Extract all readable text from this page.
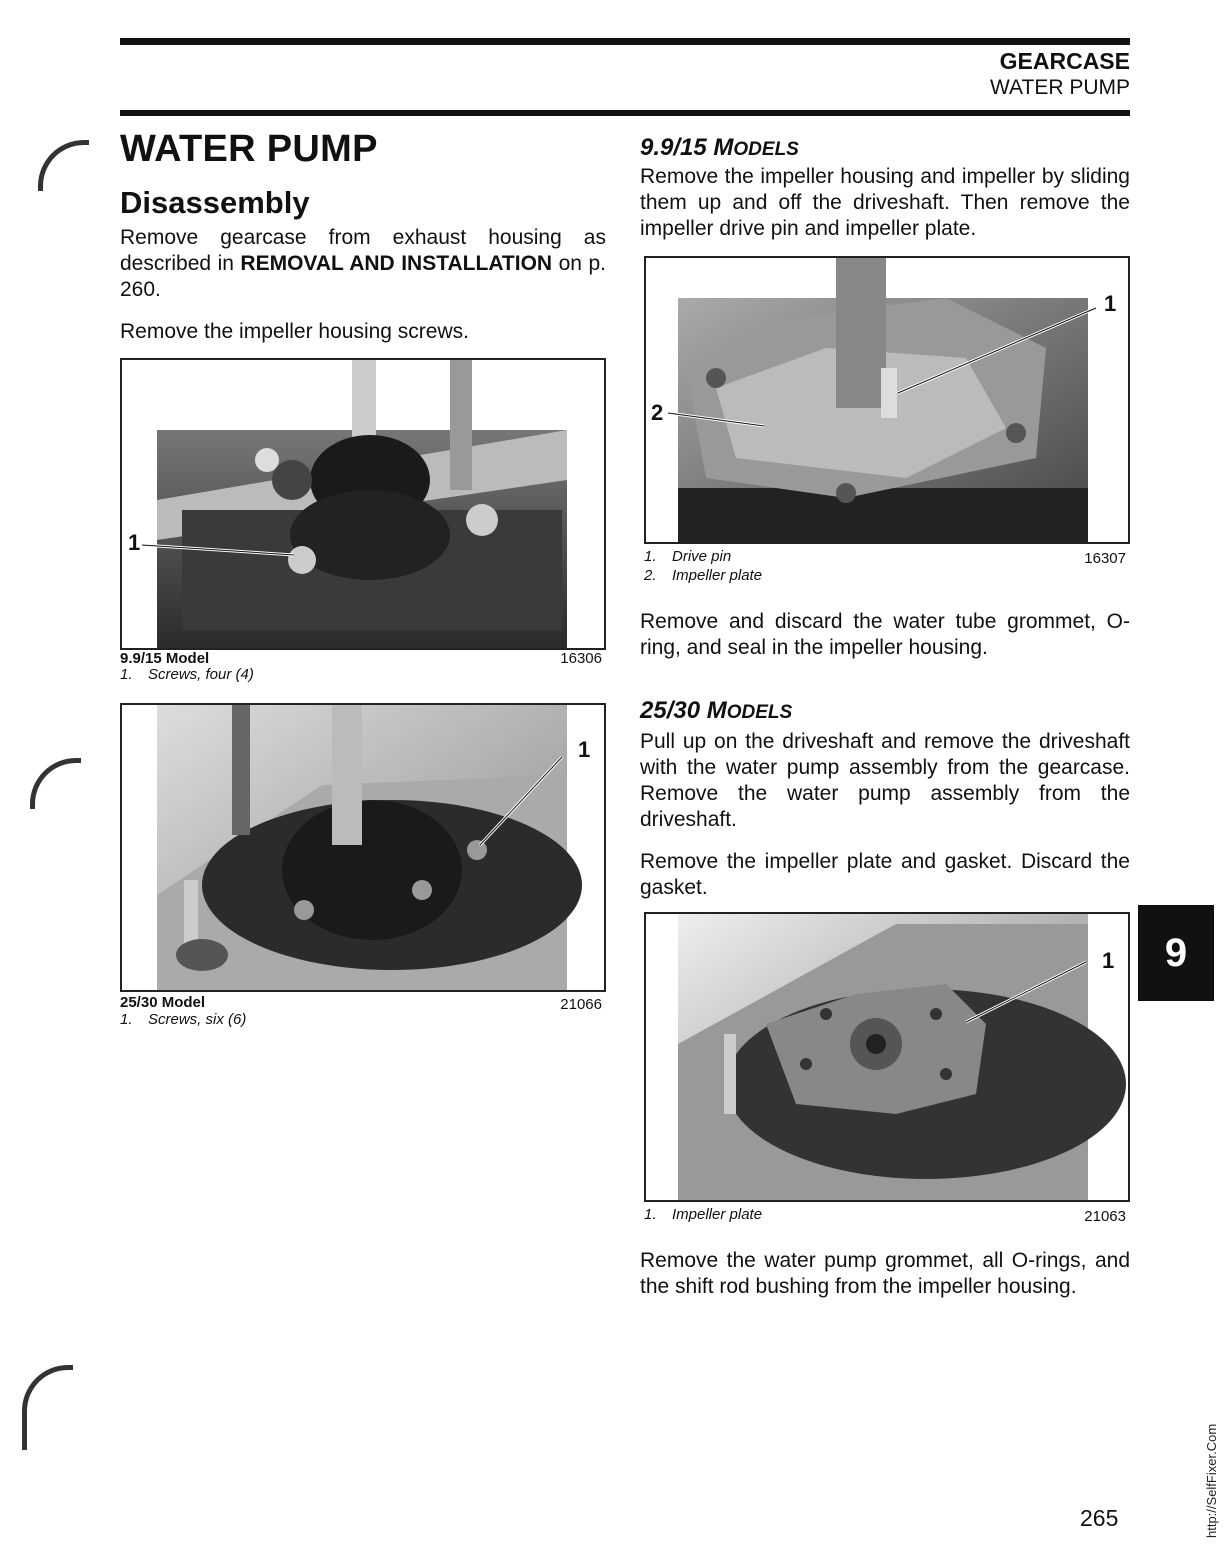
GEARCASE
WATER PUMP
WATER PUMP
Disassembly
Remove gearcase from exhaust housing as described in REMOVAL AND INSTALLATION on p. 260.
Remove the impeller housing screws.
1
9.9/15 Model	16306
1. Screws, four (4)
1
25/30 Model	21066
1. Screws, six (6)
9.9/15 MODELS
Remove the impeller housing and impeller by sliding them up and off the driveshaft. Then remove the impeller drive pin and impeller plate.
1
2
1. Drive pin	16307
2. Impeller plate
Remove and discard the water tube grommet, O-ring, and seal in the impeller housing.
25/30 MODELS
Pull up on the driveshaft and remove the driveshaft with the water pump assembly from the gearcase. Remove the water pump assembly from the driveshaft.
Remove the impeller plate and gasket. Discard the gasket.
1
1. Impeller plate	21063
Remove the water pump grommet, all O-rings, and the shift rod bushing from the impeller housing.
9
265	http://SelfFixer.Com
